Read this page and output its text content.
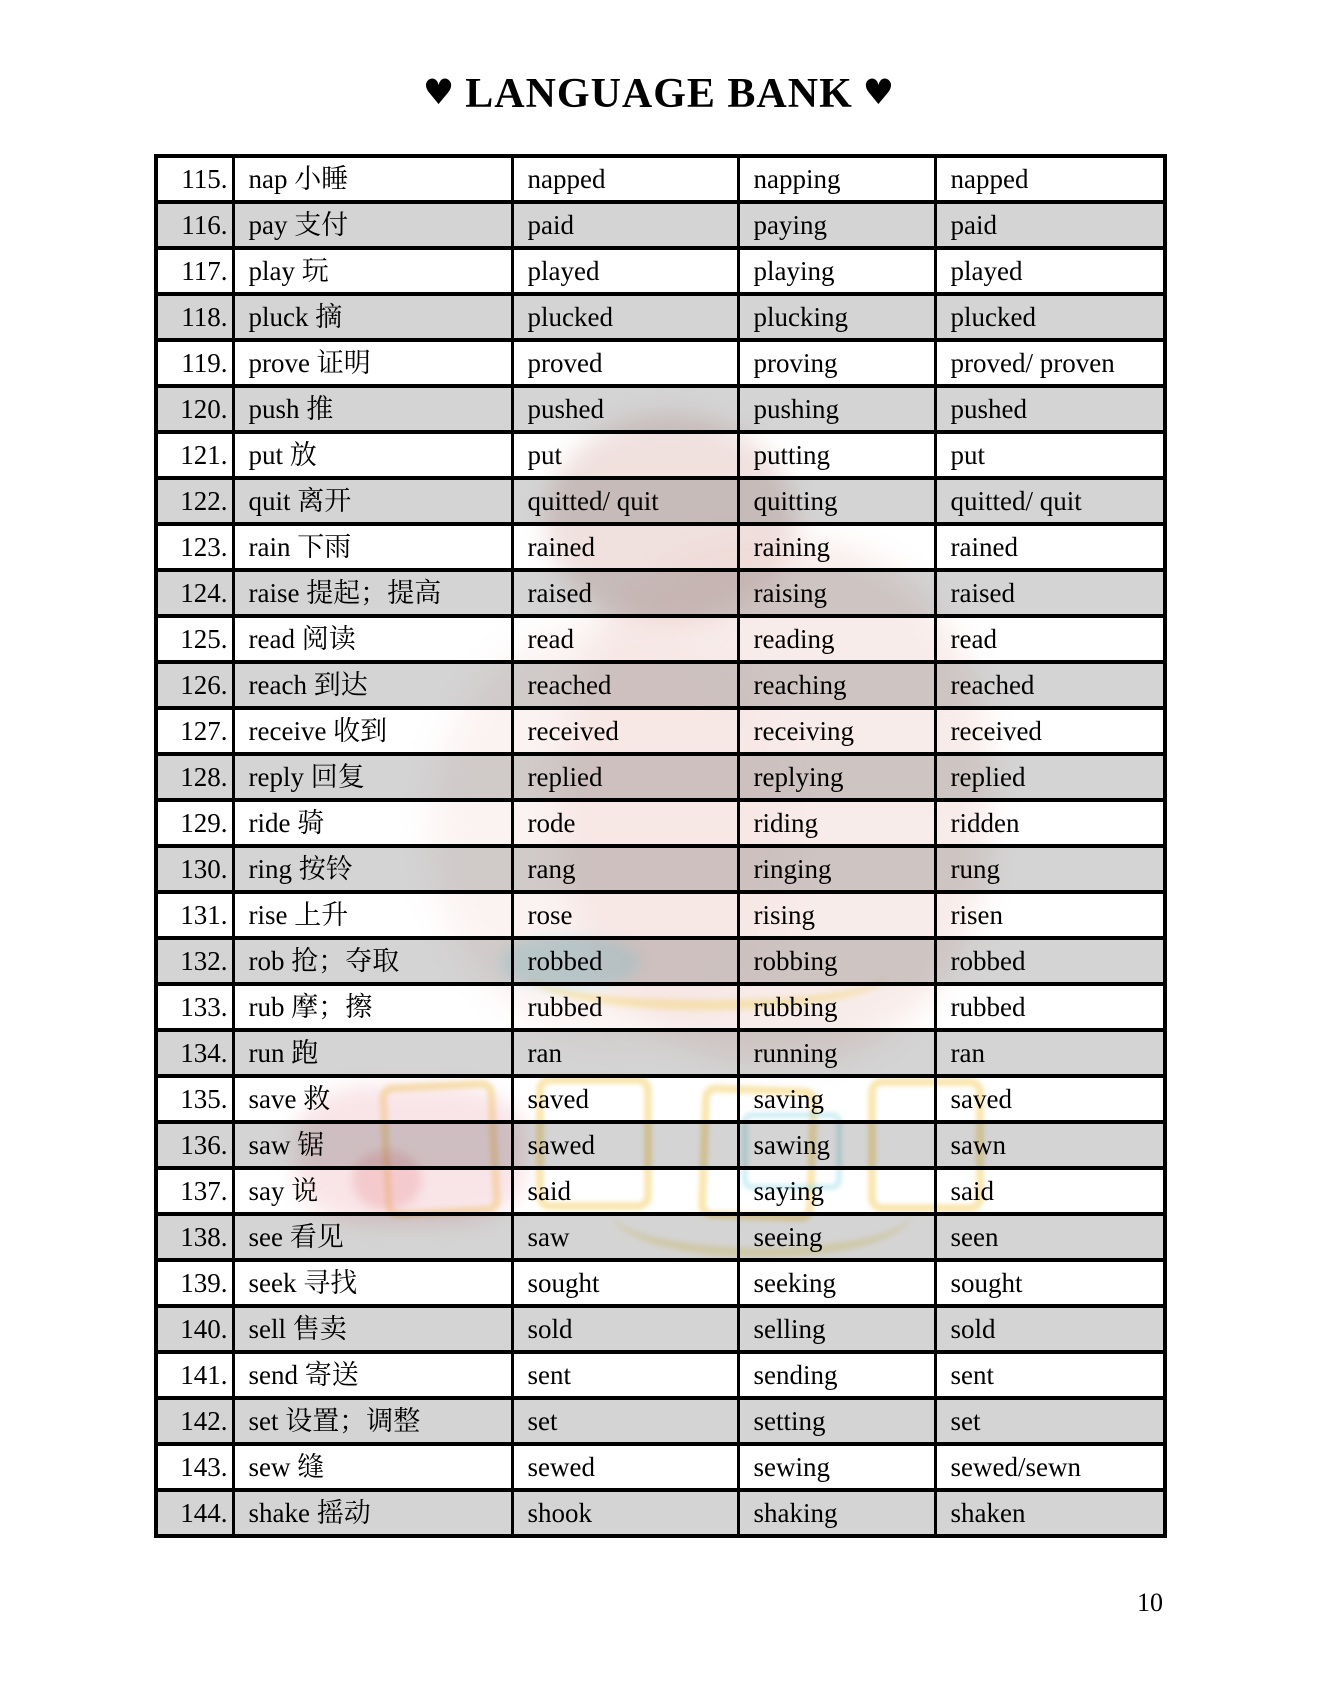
♥ LANGUAGE BANK ♥
115.	nap 小睡	napped	napping	napped
116.	pay 支付	paid	paying	paid
117.	play 玩	played	playing	played
118.	pluck 摘	plucked	plucking	plucked
119.	prove 证明	proved	proving	proved/ proven
120.	push 推	pushed	pushing	pushed
121.	put 放	put	putting	put
122.	quit 离开	quitted/ quit	quitting	quitted/ quit
123.	rain 下雨	rained	raining	rained
124.	raise 提起；提高	raised	raising	raised
125.	read 阅读	read	reading	read
126.	reach 到达	reached	reaching	reached
127.	receive 收到	received	receiving	received
128.	reply 回复	replied	replying	replied
129.	ride 骑	rode	riding	ridden
130.	ring 按铃	rang	ringing	rung
131.	rise 上升	rose	rising	risen
132.	rob 抢；夺取	robbed	robbing	robbed
133.	rub 摩；擦	rubbed	rubbing	rubbed
134.	run 跑	ran	running	ran
135.	save 救	saved	saving	saved
136.	saw 锯	sawed	sawing	sawn
137.	say 说	said	saying	said
138.	see 看见	saw	seeing	seen
139.	seek 寻找	sought	seeking	sought
140.	sell 售卖	sold	selling	sold
141.	send 寄送	sent	sending	sent
142.	set 设置；调整	set	setting	set
143.	sew 缝	sewed	sewing	sewed/sewn
144.	shake 摇动	shook	shaking	shaken
10
